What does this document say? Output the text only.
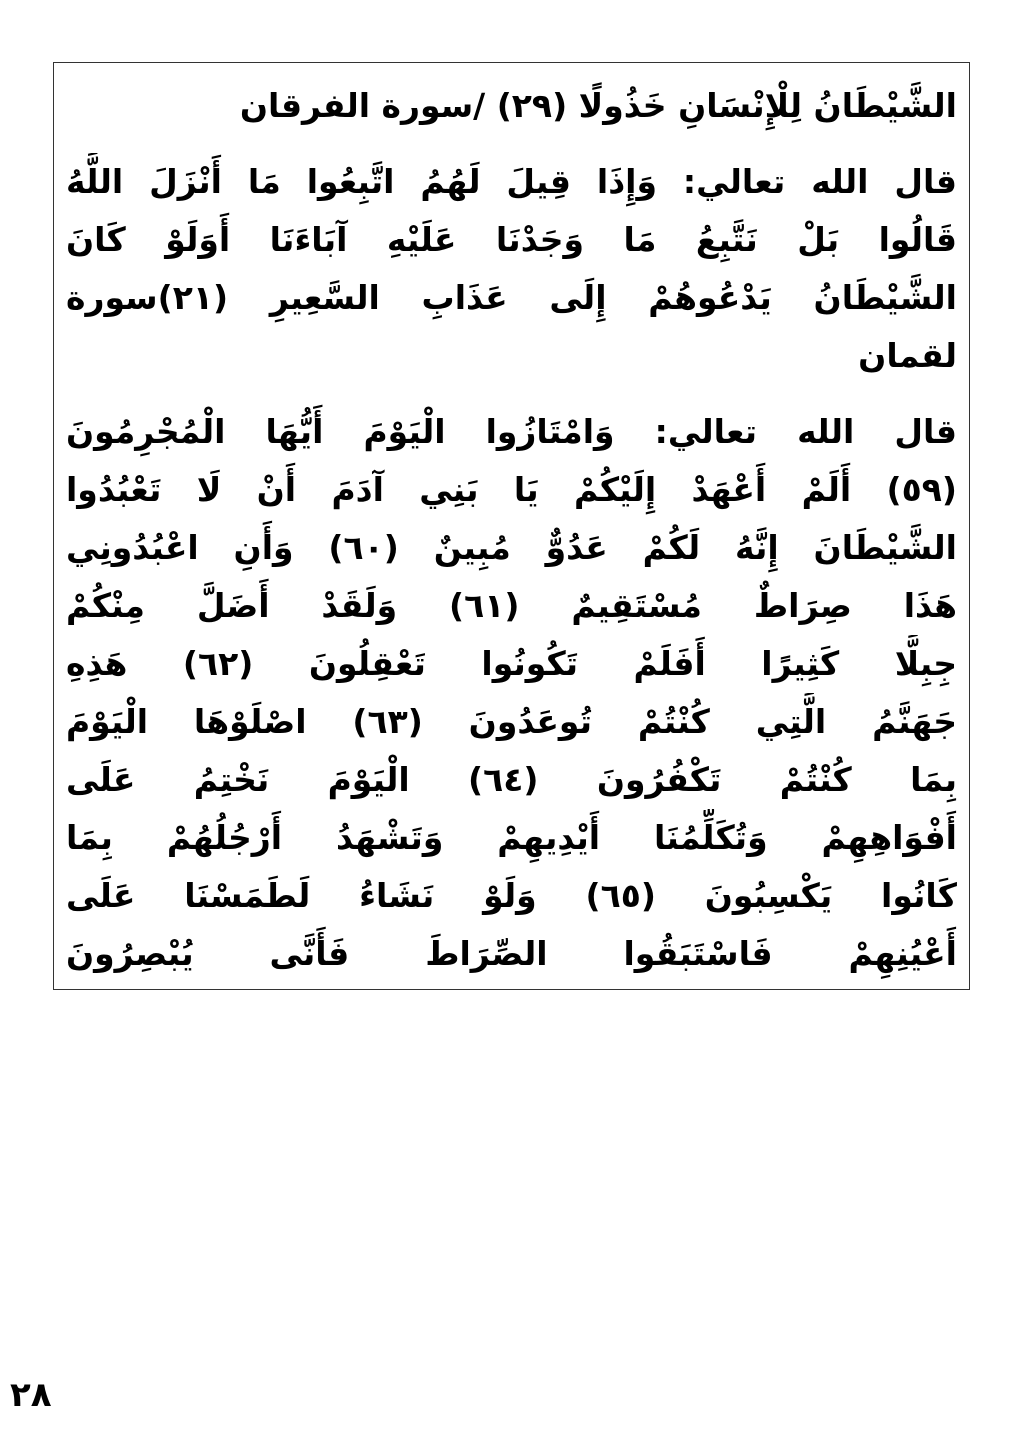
الشَّيْطَانُ لِلْإِنْسَانِ خَذُولًا (٢٩) /سورة الفرقان
قال الله تعالي: وَإِذَا قِيلَ لَهُمُ اتَّبِعُوا مَا أَنْزَلَ اللَّهُ
قَالُوا بَلْ نَتَّبِعُ مَا وَجَدْنَا عَلَيْهِ آبَاءَنَا أَوَلَوْ كَانَ
الشَّيْطَانُ يَدْعُوهُمْ إِلَى عَذَابِ السَّعِيرِ (٢١)سورة
لقمان
قال الله تعالي: وَامْتَازُوا الْيَوْمَ أَيُّهَا الْمُجْرِمُونَ
(٥٩) أَلَمْ أَعْهَدْ إِلَيْكُمْ يَا بَنِي آدَمَ أَنْ لَا تَعْبُدُوا
الشَّيْطَانَ إِنَّهُ لَكُمْ عَدُوٌّ مُبِينٌ (٦٠) وَأَنِ اعْبُدُونِي
هَذَا صِرَاطٌ مُسْتَقِيمٌ (٦١) وَلَقَدْ أَضَلَّ مِنْكُمْ
جِبِلًّا كَثِيرًا أَفَلَمْ تَكُونُوا تَعْقِلُونَ (٦٢) هَذِهِ
جَهَنَّمُ الَّتِي كُنْتُمْ تُوعَدُونَ (٦٣) اصْلَوْهَا الْيَوْمَ
بِمَا كُنْتُمْ تَكْفُرُونَ (٦٤) الْيَوْمَ نَخْتِمُ عَلَى
أَفْوَاهِهِمْ وَتُكَلِّمُنَا أَيْدِيهِمْ وَتَشْهَدُ أَرْجُلُهُمْ بِمَا
كَانُوا يَكْسِبُونَ (٦٥) وَلَوْ نَشَاءُ لَطَمَسْنَا عَلَى
أَعْيُنِهِمْ فَاسْتَبَقُوا الصِّرَاطَ فَأَنَّى يُبْصِرُونَ
٢٨
